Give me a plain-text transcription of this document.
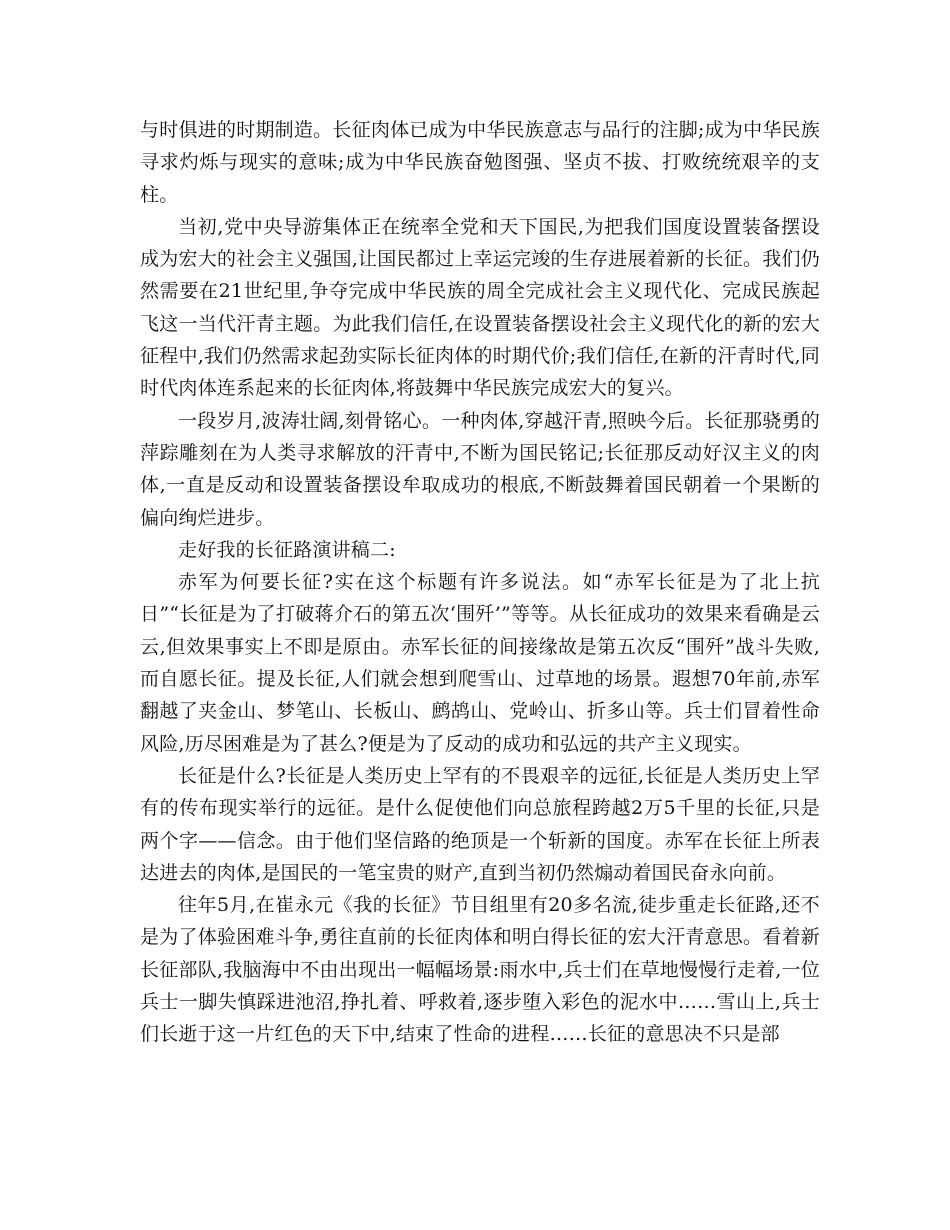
与时俱进的时期制造。长征肉体已成为中华民族意志与品行的注脚;成为中华民族寻求灼烁与现实的意味;成为中华民族奋勉图强、坚贞不拔、打败统统艰辛的支柱。

当初,党中央导游集体正在统率全党和天下国民,为把我们国度设置装备摆设成为宏大的社会主义强国,让国民都过上幸运完竣的生存进展着新的长征。我们仍然需要在21世纪里,争夺完成中华民族的周全完成社会主义现代化、完成民族起飞这一当代汗青主题。为此我们信任,在设置装备摆设社会主义现代化的新的宏大征程中,我们仍然需求起劲实际长征肉体的时期代价;我们信任,在新的汗青时代,同时代肉体连系起来的长征肉体,将鼓舞中华民族完成宏大的复兴。

一段岁月,波涛壮阔,刻骨铭心。一种肉体,穿越汗青,照映今后。长征那骁勇的萍踪雕刻在为人类寻求解放的汗青中,不断为国民铭记;长征那反动好汉主义的肉体,一直是反动和设置装备摆设牟取成功的根底,不断鼓舞着国民朝着一个果断的偏向绚烂进步。

走好我的长征路演讲稿二:

赤军为何要长征?实在这个标题有许多说法。如“赤军长征是为了北上抗日”“长征是为了打破蒋介石的第五次‘围歼’”等等。从长征成功的效果来看确是云云,但效果事实上不即是原由。赤军长征的间接缘故是第五次反“围歼”战斗失败,而自愿长征。提及长征,人们就会想到爬雪山、过草地的场景。遐想70年前,赤军翻越了夹金山、梦笔山、长板山、鹧鸪山、党岭山、折多山等。兵士们冒着性命风险,历尽困难是为了甚么?便是为了反动的成功和弘远的共产主义现实。

长征是什么?长征是人类历史上罕有的不畏艰辛的远征,长征是人类历史上罕有的传布现实举行的远征。是什么促使他们向总旅程跨越2万5千里的长征,只是两个字——信念。由于他们坚信路的绝顶是一个斩新的国度。赤军在长征上所表达进去的肉体,是国民的一笔宝贵的财产,直到当初仍然煽动着国民奋永向前。

往年5月,在崔永元《我的长征》节目组里有20多名流,徒步重走长征路,还不是为了体验困难斗争,勇往直前的长征肉体和明白得长征的宏大汗青意思。看着新长征部队,我脑海中不由出现出一幅幅场景:雨水中,兵士们在草地慢慢行走着,一位兵士一脚失慎踩进池沼,挣扎着、呼救着,逐步堕入彩色的泥水中……雪山上,兵士们长逝于这一片红色的天下中,结束了性命的进程……长征的意思决不只是部
